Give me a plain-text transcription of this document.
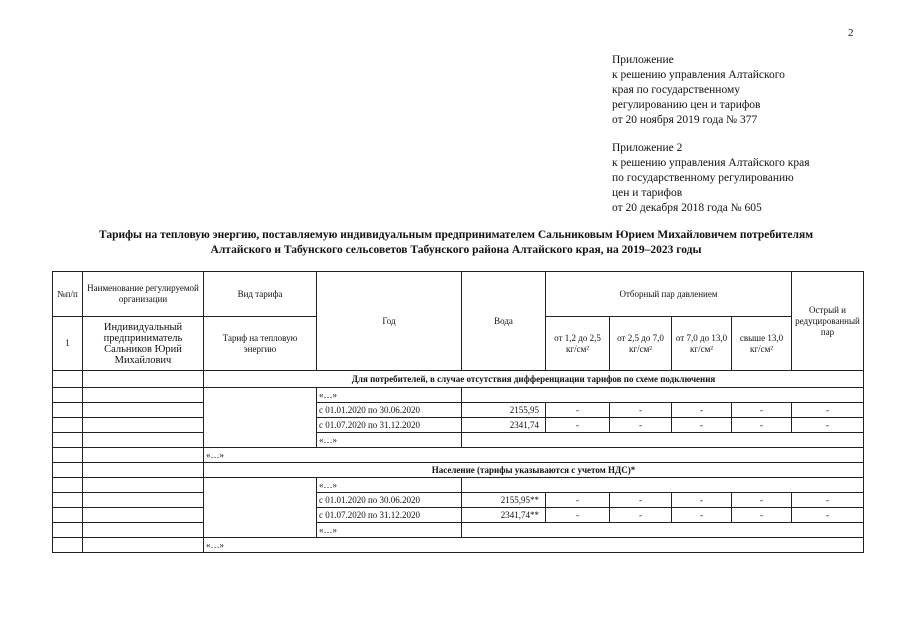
2
Приложение
к решению управления Алтайского
края по государственному
регулированию цен и тарифов
от 20 ноября 2019 года № 377
Приложение 2
к решению управления Алтайского края
по государственному регулированию
цен и тарифов
от 20 декабря 2018 года № 605
Тарифы на тепловую энергию, поставляемую индивидуальным предпринимателем Сальниковым Юрием Михайловичем потребителям
Алтайского и Табунского сельсоветов Табунского района Алтайского края, на 2019–2023 годы
№п/п	Наименование регулируемой организации	Вид тарифа	Год	Вода	Отборный пар давлением				Острый и редуцированный пар
1	Индивидуальный предприниматель Сальников Юрий Михайлович	Тариф на тепловую энергию			от 1,2 до 2,5 кг/см²	от 2,5 до 7,0 кг/см²	от 7,0 до 13,0 кг/см²	свыше 13,0 кг/см²	
		Для потребителей, в случае отсутствия дифференциации тарифов по схеме подключения							
			«…»						
			с 01.01.2020 по 30.06.2020	2155,95	-	-	-	-	-
			с 01.07.2020 по 31.12.2020	2341,74	-	-	-	-	-
			«…»						
		«…»							
		Население (тарифы указываются с учетом НДС)*							
			«…»						
			с 01.01.2020 по 30.06.2020	2155,95**	-	-	-	-	-
			с 01.07.2020 по 31.12.2020	2341,74**	-	-	-	-	-
			«…»						
		«…»							
